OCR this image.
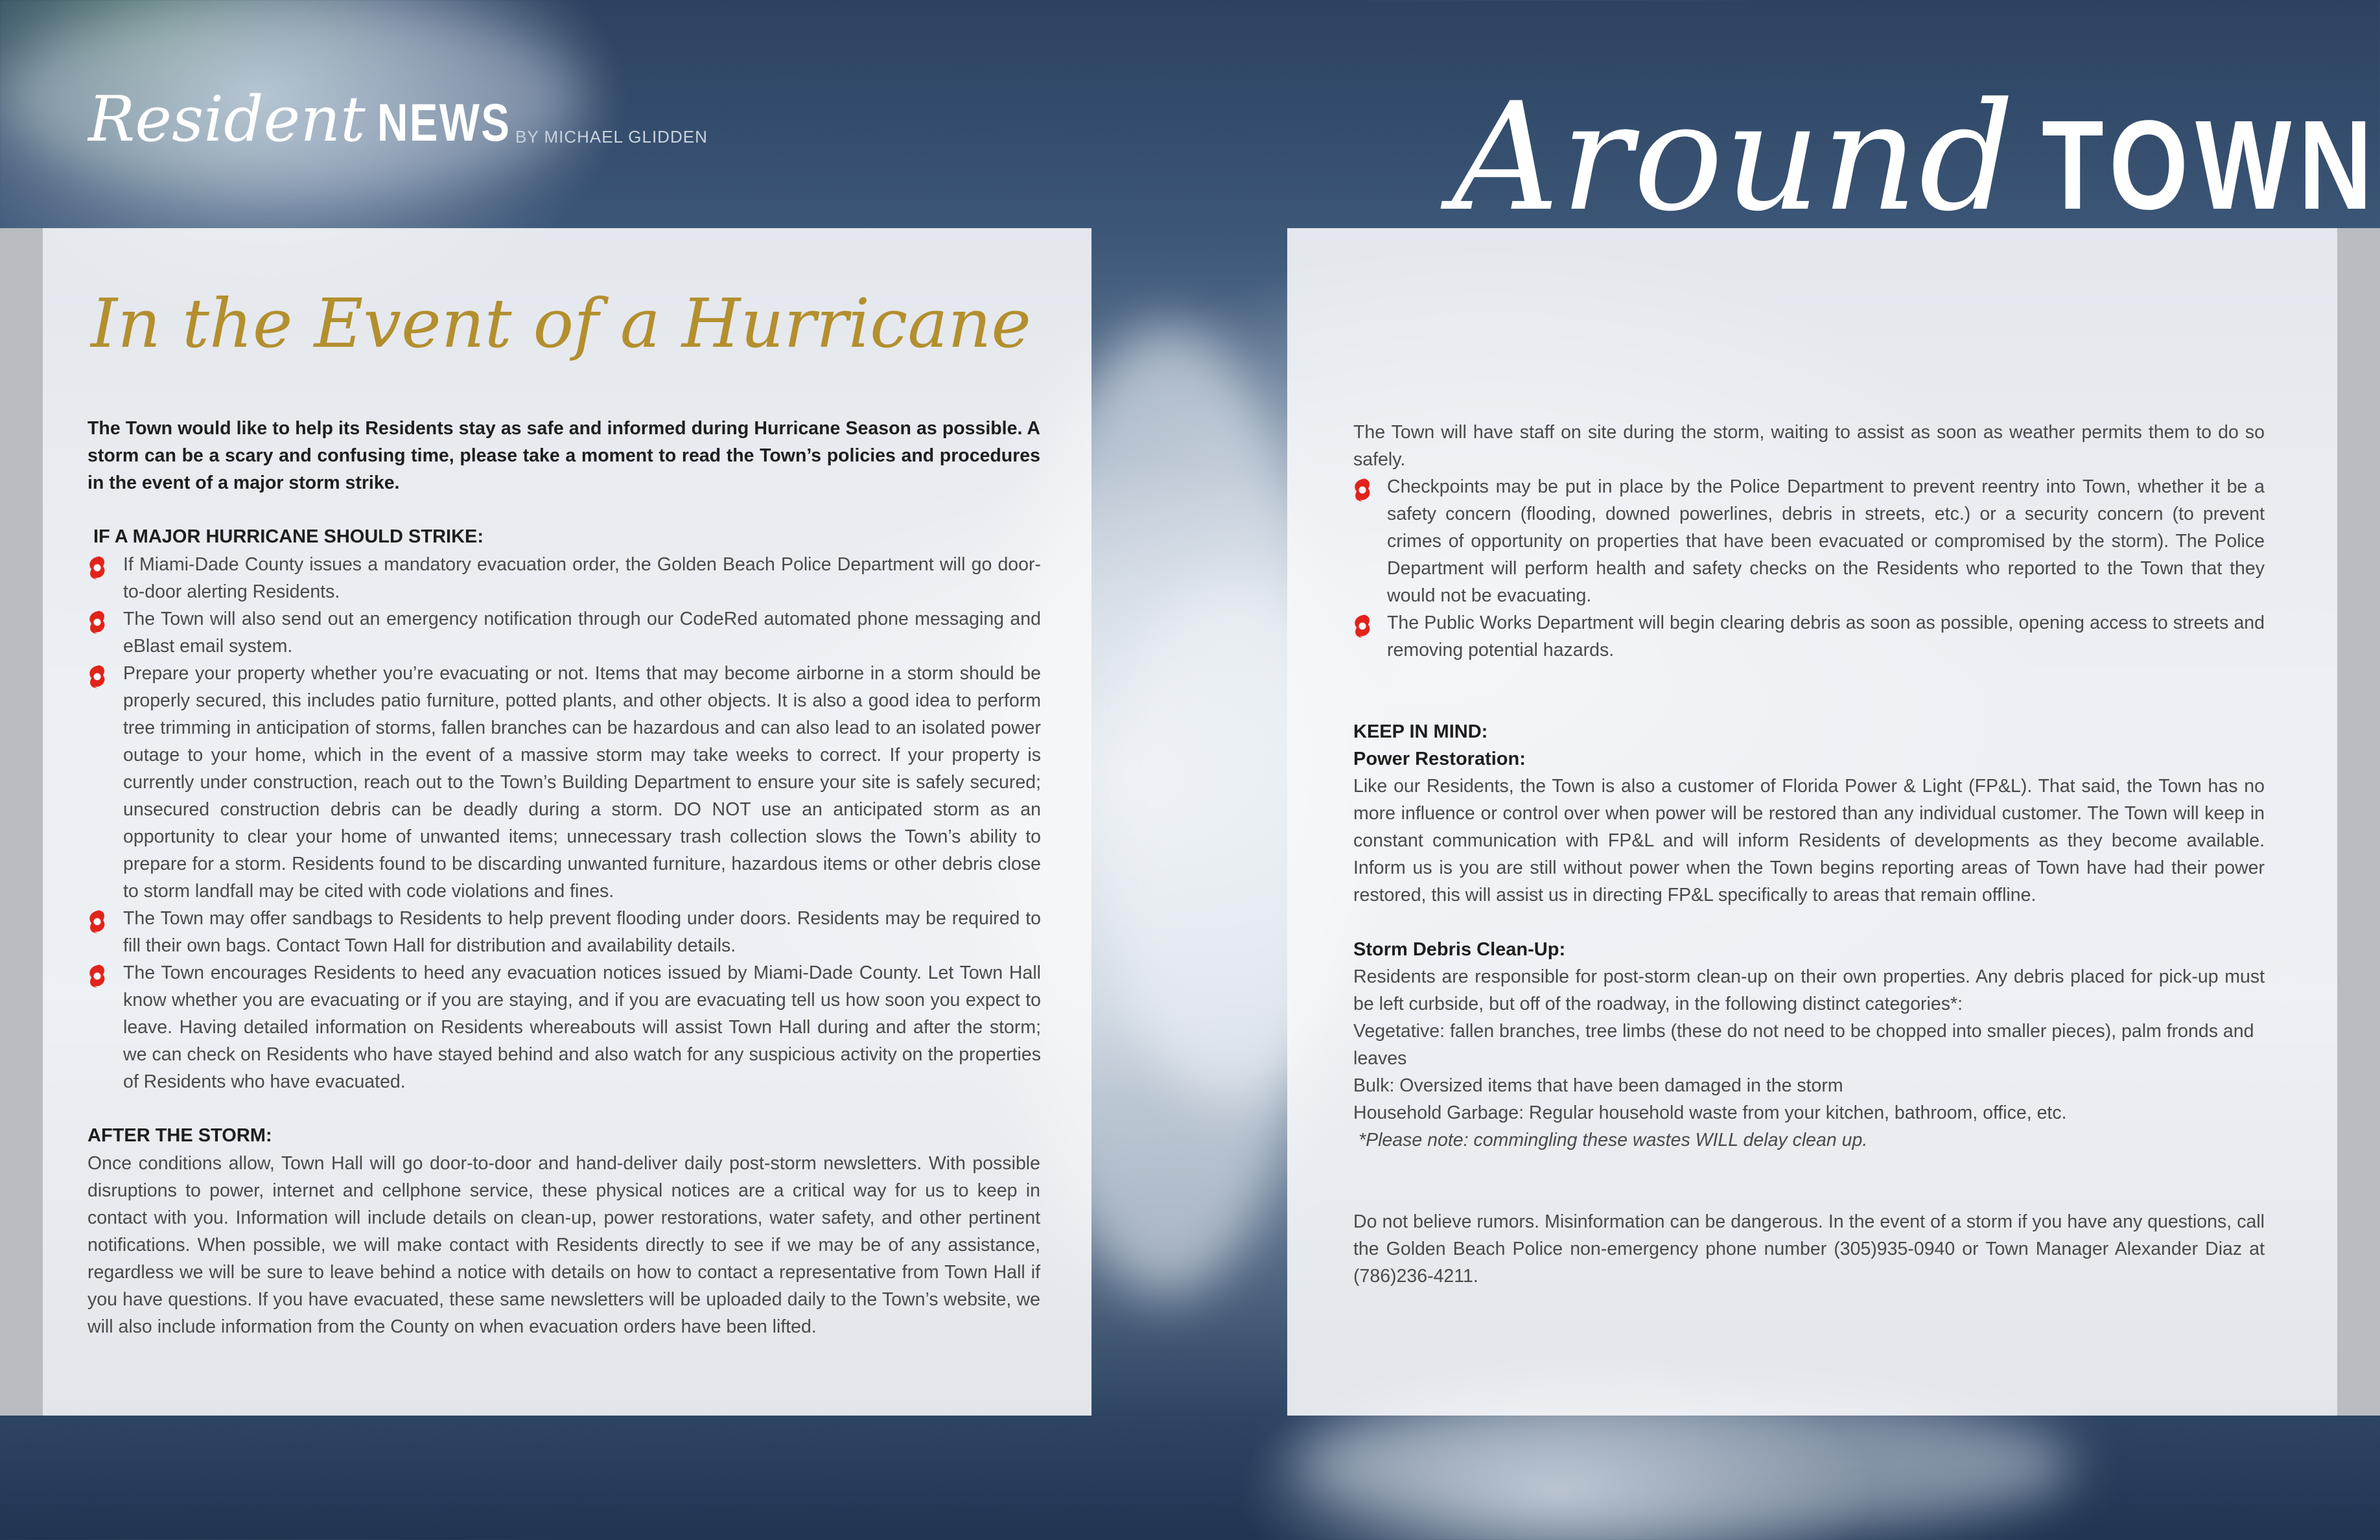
Resident NEWS BY MICHAEL GLIDDEN	Around TOWN
In the Event of a Hurricane

The Town would like to help its Residents stay as safe and informed during Hurricane Season as possible. A storm can be a scary and confusing time, please take a moment to read the Town’s policies and procedures in the event of a major storm strike.

IF A MAJOR HURRICANE SHOULD STRIKE:
If Miami-Dade County issues a mandatory evacuation order, the Golden Beach Police Department will go door-to-door alerting Residents.
The Town will also send out an emergency notification through our CodeRed automated phone messaging and eBlast email system.
Prepare your property whether you’re evacuating or not. Items that may become airborne in a storm should be properly secured, this includes patio furniture, potted plants, and other objects. It is also a good idea to perform tree trimming in anticipation of storms, fallen branches can be hazardous and can also lead to an isolated power outage to your home, which in the event of a massive storm may take weeks to correct. If your property is currently under construction, reach out to the Town’s Building Department to ensure your site is safely secured; unsecured construction debris can be deadly during a storm. DO NOT use an anticipated storm as an opportunity to clear your home of unwanted items; unnecessary trash collection slows the Town’s ability to prepare for a storm. Residents found to be discarding unwanted furniture, hazardous items or other debris close to storm landfall may be cited with code violations and fines.
The Town may offer sandbags to Residents to help prevent flooding under doors. Residents may be required to fill their own bags. Contact Town Hall for distribution and availability details.
The Town encourages Residents to heed any evacuation notices issued by Miami-Dade County. Let Town Hall know whether you are evacuating or if you are staying, and if you are evacuating tell us how soon you expect to leave. Having detailed information on Residents whereabouts will assist Town Hall during and after the storm; we can check on Residents who have stayed behind and also watch for any suspicious activity on the properties of Residents who have evacuated.
AFTER THE STORM:

Once conditions allow, Town Hall will go door-to-door and hand-deliver daily post-storm newsletters. With possible disruptions to power, internet and cellphone service, these physical notices are a critical way for us to keep in contact with you. Information will include details on clean-up, power restorations, water safety, and other pertinent notifications. When possible, we will make contact with Residents directly to see if we may be of any assistance, regardless we will be sure to leave behind a notice with details on how to contact a representative from Town Hall if you have questions. If you have evacuated, these same newsletters will be uploaded daily to the Town’s website, we will also include information from the County on when evacuation orders have been lifted.

The Town will have staff on site during the storm, waiting to assist as soon as weather permits them to do so safely.

Checkpoints may be put in place by the Police Department to prevent reentry into Town, whether it be a safety concern (flooding, downed powerlines, debris in streets, etc.) or a security concern (to prevent crimes of opportunity on properties that have been evacuated or compromised by the storm). The Police Department will perform health and safety checks on the Residents who reported to the Town that they would not be evacuating.
The Public Works Department will begin clearing debris as soon as possible, opening access to streets and removing potential hazards.
KEEP IN MIND:
Power Restoration:

Like our Residents, the Town is also a customer of Florida Power & Light (FP&L). That said, the Town has no more influence or control over when power will be restored than any individual customer. The Town will keep in constant communication with FP&L and will inform Residents of developments as they become available. Inform us is you are still without power when the Town begins reporting areas of Town have had their power restored, this will assist us in directing FP&L specifically to areas that remain offline.

Storm Debris Clean-Up:

Residents are responsible for post-storm clean-up on their own properties. Any debris placed for pick-up must be left curbside, but off of the roadway, in the following distinct categories*:

Vegetative: fallen branches, tree limbs (these do not need to be chopped into smaller pieces), palm fronds and leaves

Bulk: Oversized items that have been damaged in the storm

Household Garbage: Regular household waste from your kitchen, bathroom, office, etc.

*Please note: commingling these wastes WILL delay clean up.

Do not believe rumors. Misinformation can be dangerous. In the event of a storm if you have any questions, call the Golden Beach Police non-emergency phone number (305)935-0940 or Town Manager Alexander Diaz at (786)236-4211.
